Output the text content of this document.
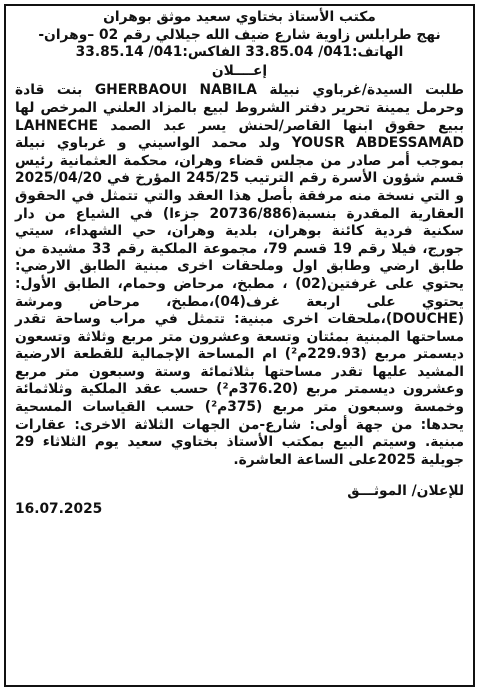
مكتب الأستاذ بختاوي سعيد موثق بوهران
نهج طرابلس زاوية شارع ضيف الله جيلالي رقم 02 –وهران-
الهاتف:041/ 33.85.04 الفاكس:041/ 33.85.14
إعــــلان
طلبت السيدة/غرباوي نبيلة GHERBAOUI NABILA بنت قادة وحرمل يمينة تحرير دفتر الشروط لبيع بالمزاد العلني المرخص لها ببيع حقوق ابنها القاصر/لحنش يسر عبد الصمد LAHNECHE YOUSR ABDESSAMAD ولد محمد الواسيني و غرباوي نبيلة بموجب أمر صادر من مجلس قضاء وهران، محكمة العثمانية رئيس قسم شؤون الأسرة رقم الترتيب 245/25 المؤرخ في 2025/04/20 و التي نسخة منه مرفقة بأصل هذا العقد والتي تتمثل في الحقوق العقارية المقدرة بنسبة(20736/886 جزءا) في الشياع من دار سكنية فردية كائنة بوهران، بلدية وهران، حي الشهداء، سيتي جورج، فيلا رقم 19 قسم 79، مجموعة الملكية رقم 33 مشيدة من طابق ارضي وطابق اول وملحقات اخرى مبنية الطابق الارضي: يحتوي على غرفتين(02) ، مطبخ، مرحاض وحمام، الطابق الأول: يحتوي على اربعة غرف(04)،مطبخ، مرحاض ومرشة (DOUCHE)،ملحقات اخرى مبنية: تتمثل في مراب وساحة تقدر مساحتها المبنية بمئتان وتسعة وعشرون متر مربع وثلاثة وتسعون ديسمتر مربع (229.93م²) ام المساحة الإجمالية للقطعة الارضية المشيد عليها تقدر مساحتها بثلاثمائة وستة وسبعون متر مربع وعشرون ديسمتر مربع (376.20م²) حسب عقد الملكية وثلاثمائة وخمسة وسبعون متر مربع (375م²) حسب القياسات المسحية يحدها: من جهة أولى: شارع-من الجهات الثلاثة الاخرى: عقارات مبنية. وسيتم البيع بمكتب الأستاذ بختاوي سعيد يوم الثلاثاء 29 جويلية 2025على الساعة العاشرة.
للإعلان/ الموثـــق
16.07.2025
